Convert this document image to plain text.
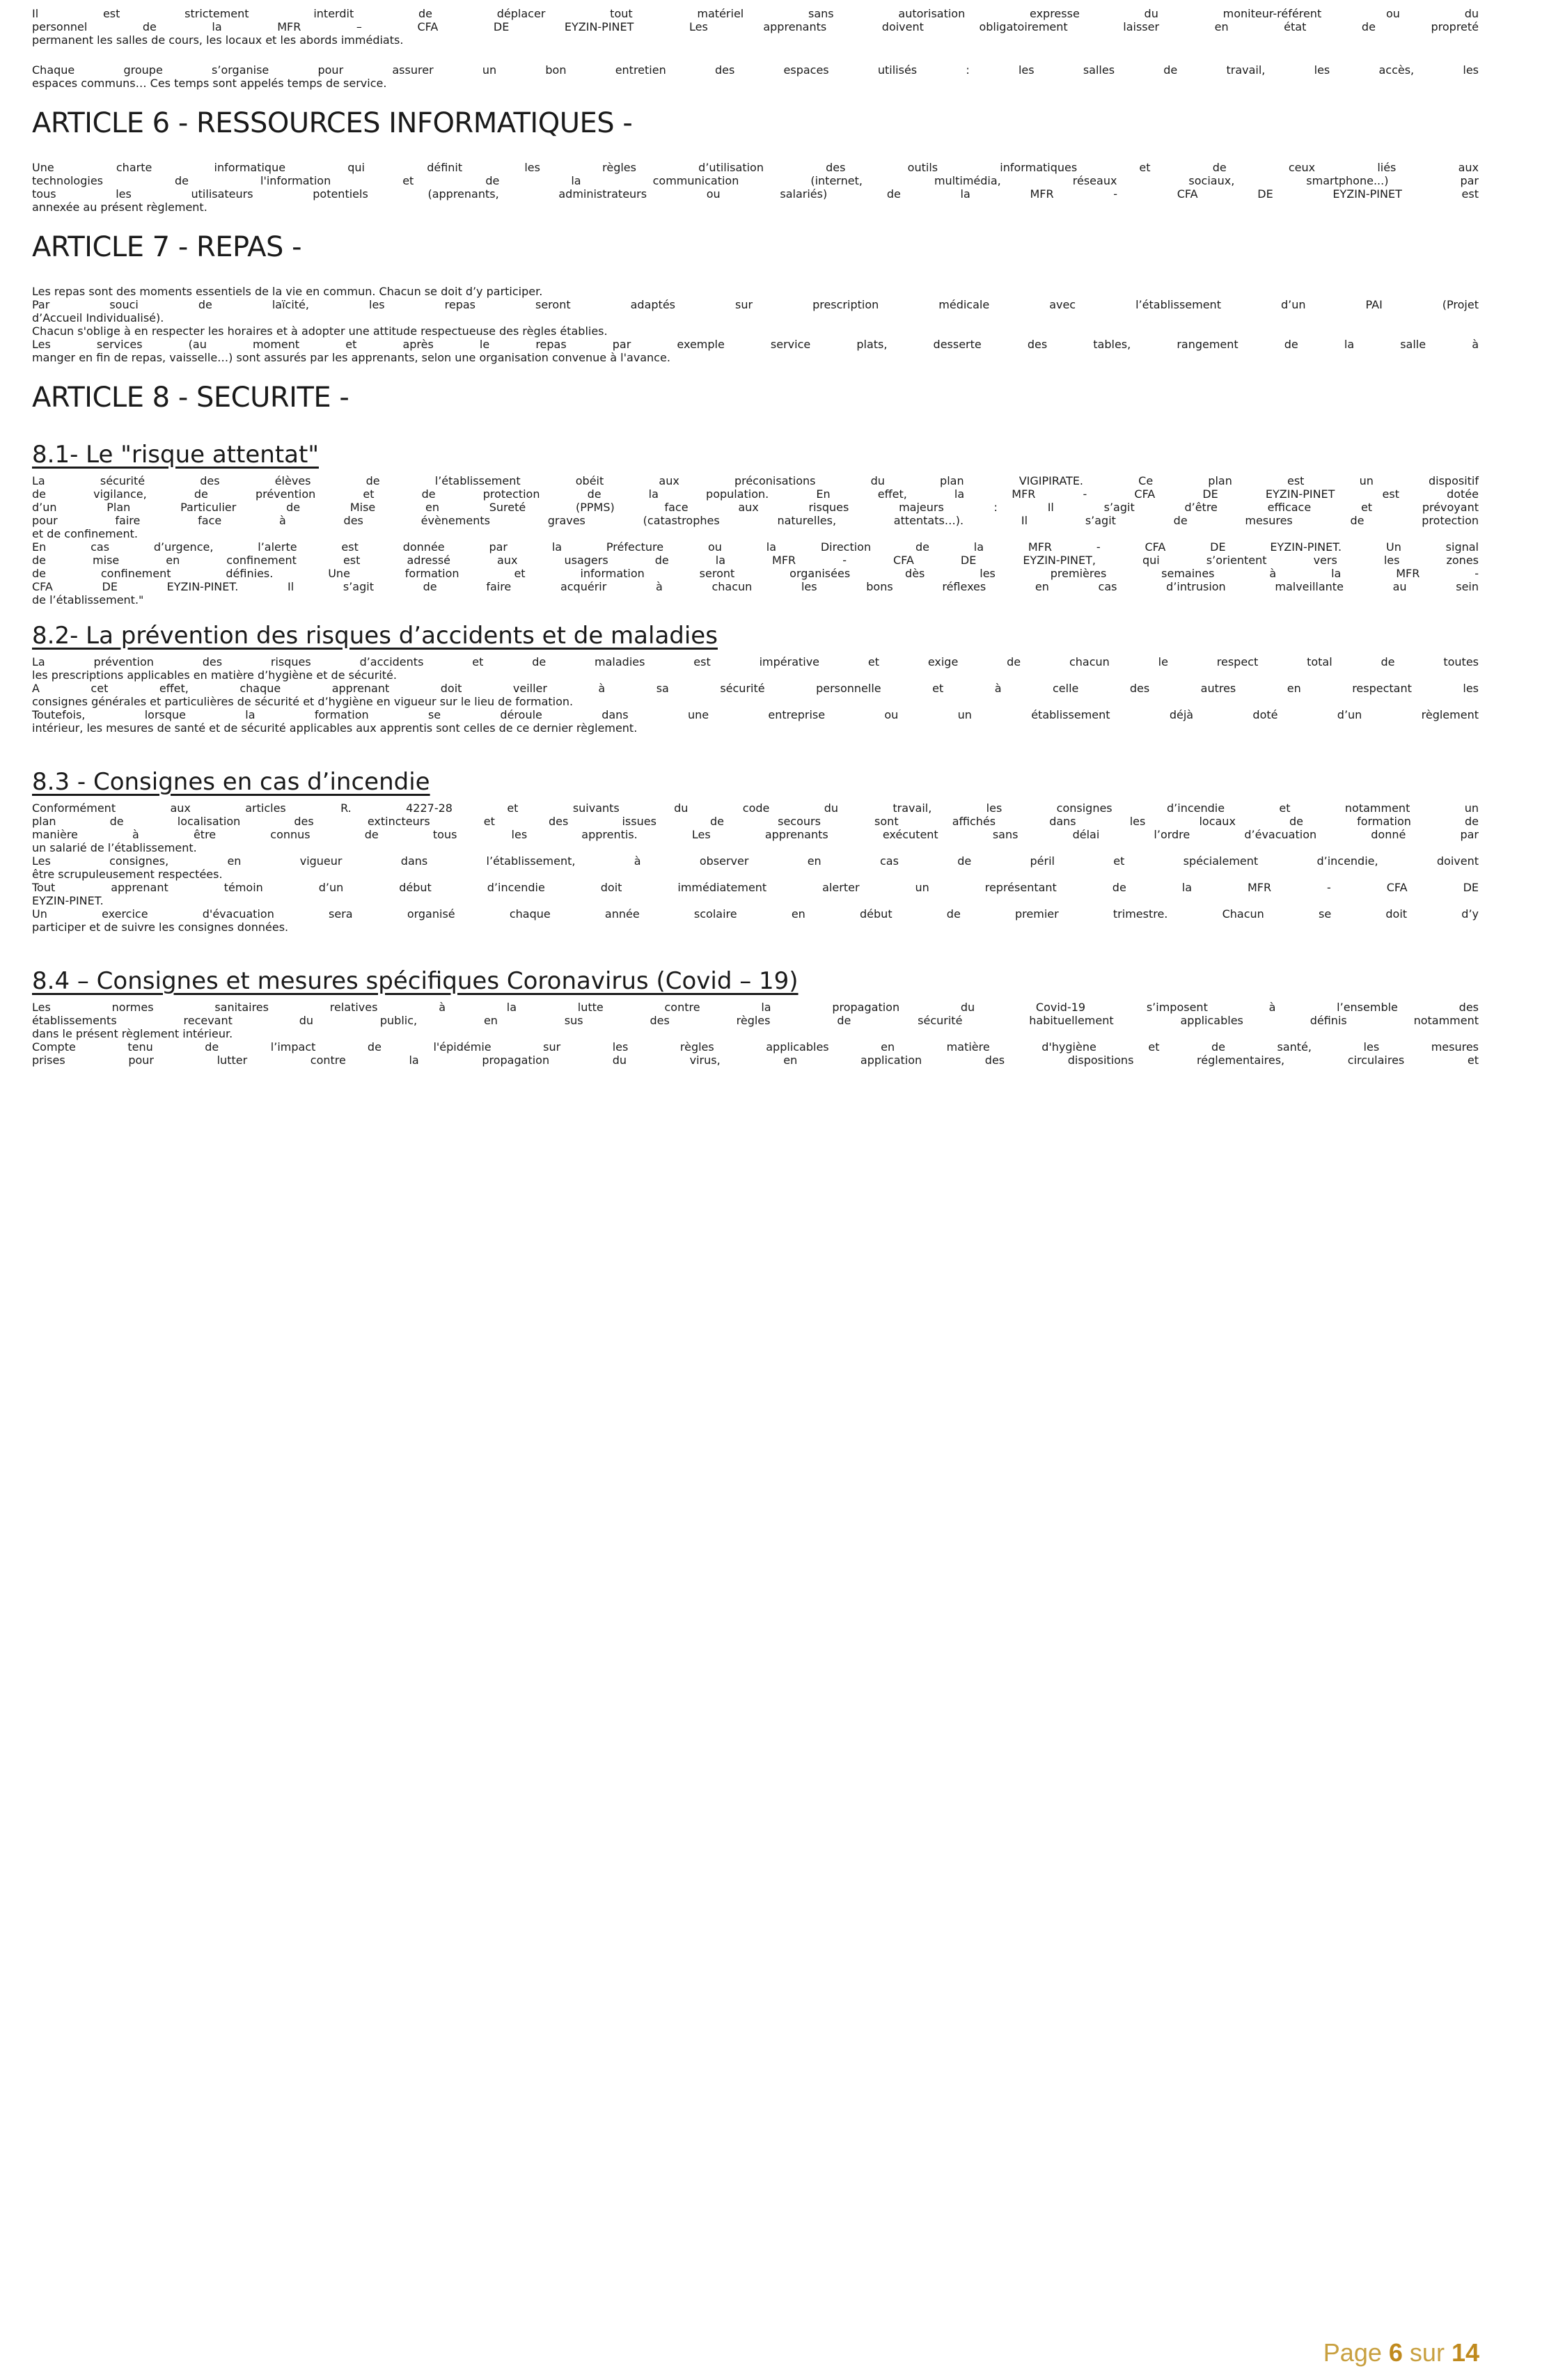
Il est strictement interdit de déplacer tout matériel sans autorisation expresse du moniteur-référent ou du
personnel de la MFR – CFA DE EYZIN-PINET Les apprenants doivent obligatoirement laisser en état de propreté
permanent les salles de cours, les locaux et les abords immédiats.
Chaque groupe s’organise pour assurer un bon entretien des espaces utilisés : les salles de travail, les accès, les
espaces communs… Ces temps sont appelés temps de service.
ARTICLE 6 - RESSOURCES INFORMATIQUES -
Une charte informatique qui définit les règles d’utilisation des outils informatiques et de ceux liés aux
technologies de l'information et de la communication (internet, multimédia, réseaux sociaux, smartphone...) par
tous les utilisateurs potentiels (apprenants, administrateurs ou salariés) de la MFR - CFA DE EYZIN-PINET est
annexée au présent règlement.
ARTICLE 7 - REPAS -
Les repas sont des moments essentiels de la vie en commun. Chacun se doit d’y participer.
Par souci de laïcité, les repas seront adaptés sur prescription médicale avec l’établissement d’un PAI (Projet
d’Accueil Individualisé).
Chacun s'oblige à en respecter les horaires et à adopter une attitude respectueuse des règles établies.
Les services (au moment et après le repas par exemple service plats, desserte des tables, rangement de la salle à
manger en fin de repas, vaisselle…) sont assurés par les apprenants, selon une organisation convenue à l'avance.
ARTICLE 8 - SECURITE -
8.1- Le "risque attentat"
La sécurité des élèves de l’établissement obéit aux préconisations du plan VIGIPIRATE. Ce plan est un dispositif
de vigilance, de prévention et de protection de la population. En effet, la MFR - CFA DE EYZIN-PINET est dotée
d’un Plan Particulier de Mise en Sureté (PPMS) face aux risques majeurs : Il s’agit d’être efficace et prévoyant
pour faire face à des évènements graves (catastrophes naturelles, attentats…). Il s’agit de mesures de protection
et de confinement.
En cas d’urgence, l’alerte est donnée par la Préfecture ou la Direction de la MFR - CFA DE EYZIN-PINET. Un signal
de mise en confinement est adressé aux usagers de la MFR - CFA DE EYZIN-PINET, qui s’orientent vers les zones
de confinement définies. Une formation et information seront organisées dès les premières semaines à la MFR -
CFA DE EYZIN-PINET. Il s’agit de faire acquérir à chacun les bons réflexes en cas d’intrusion malveillante au sein
de l’établissement."
8.2- La prévention des risques d’accidents et de maladies
La prévention des risques d’accidents et de maladies est impérative et exige de chacun le respect total de toutes
les prescriptions applicables en matière d’hygiène et de sécurité.
A cet effet, chaque apprenant doit veiller à sa sécurité personnelle et à celle des autres en respectant les
consignes générales et particulières de sécurité et d’hygiène en vigueur sur le lieu de formation.
Toutefois, lorsque la formation se déroule dans une entreprise ou un établissement déjà doté d’un règlement
intérieur, les mesures de santé et de sécurité applicables aux apprentis sont celles de ce dernier règlement.
8.3 - Consignes en cas d’incendie
Conformément aux articles R. 4227-28 et suivants du code du travail, les consignes d’incendie et notamment un
plan de localisation des extincteurs et des issues de secours sont affichés dans les locaux de formation de
manière à être connus de tous les apprentis. Les apprenants exécutent sans délai l’ordre d’évacuation donné par
un salarié de l’établissement.
Les consignes, en vigueur dans l’établissement, à observer en cas de péril et spécialement d’incendie, doivent
être scrupuleusement respectées.
Tout apprenant témoin d’un début d’incendie doit immédiatement alerter un représentant de la MFR - CFA DE
EYZIN-PINET.
Un exercice d'évacuation sera organisé chaque année scolaire en début de premier trimestre. Chacun se doit d’y
participer et de suivre les consignes données.
8.4 – Consignes et mesures spécifiques Coronavirus (Covid – 19)
Les normes sanitaires relatives à la lutte contre la propagation du Covid-19 s’imposent à l’ensemble des
établissements recevant du public, en sus des règles de sécurité habituellement applicables définis notamment
dans le présent règlement intérieur.
Compte tenu de l’impact de l'épidémie sur les règles applicables en matière d'hygiène et de santé, les mesures
prises pour lutter contre la propagation du virus, en application des dispositions réglementaires, circulaires et
Page 6 sur 14
